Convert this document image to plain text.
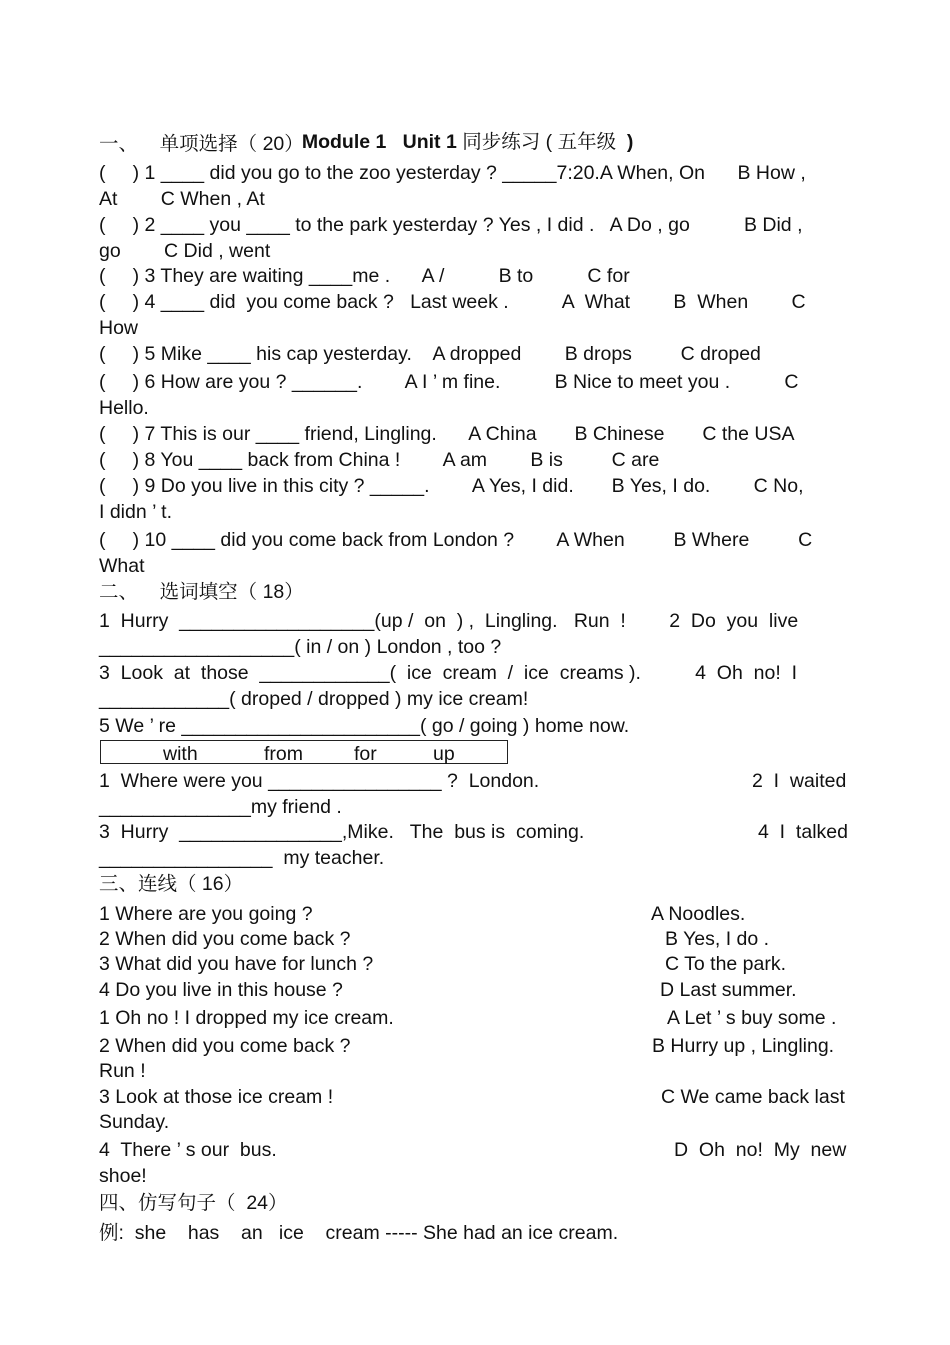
Module 1 Unit 1 同步练习 ( 五年级 )

一、    单项选择（ 20）
(     ) 1 ____ did you go to the zoo yesterday ? _____7:20.A When, On      B How ,
At        C When , At
(     ) 2 ____ you ____ to the park yesterday ? Yes , I did .   A Do , go          B Did ,
go        C Did , went
(     ) 3 They are waiting ____me .      A /          B to          C for
(     ) 4 ____ did  you come back ?   Last week .          A  What        B  When        C
How
(     ) 5 Mike ____ his cap yesterday.    A dropped        B drops         C droped
(     ) 6 How are you ? ______.        A I ’ m fine.          B Nice to meet you .          C
Hello.
(     ) 7 This is our ____ friend, Lingling.      A China       B Chinese       C the USA
(     ) 8 You ____ back from China !        A am        B is         C are
(     ) 9 Do you live in this city ? _____.        A Yes, I did.       B Yes, I do.        C No,
I didn ’ t.
(     ) 10 ____ did you come back from London ?        A When         B Where         C
What
二、    选词填空（ 18）
1  Hurry  __________________(up /  on  ) ,  Lingling.   Run  !        2  Do  you  live
__________________( in / on ) London , too ?
3  Look  at  those  ____________(  ice  cream  /  ice  creams ).          4  Oh  no!  I
____________( droped / dropped ) my ice cream!
5 We ’ re ______________________( go / going ) home now.
with	from	for	up
1  Where were you ________________ ?  London.	2  I  waited
______________my friend .
3  Hurry  _______________,Mike.   The  bus is  coming.	4  I  talked
________________  my teacher.
三、连线（ 16）
1 Where are you going ?	A Noodles.
2 When did you come back ?	B Yes, I do .
3 What did you have for lunch ?	C To the park.
4 Do you live in this house ?	D Last summer.
1 Oh no ! I dropped my ice cream.	A Let ’ s buy some .
2 When did you come back ?	B Hurry up , Lingling.
Run !
3 Look at those ice cream !	C We came back last
Sunday.
4  There ’ s our  bus.	D  Oh  no!  My  new
shoe!
四、仿写句子（  24）
例:  she    has    an   ice    cream ----- She had an ice cream.
